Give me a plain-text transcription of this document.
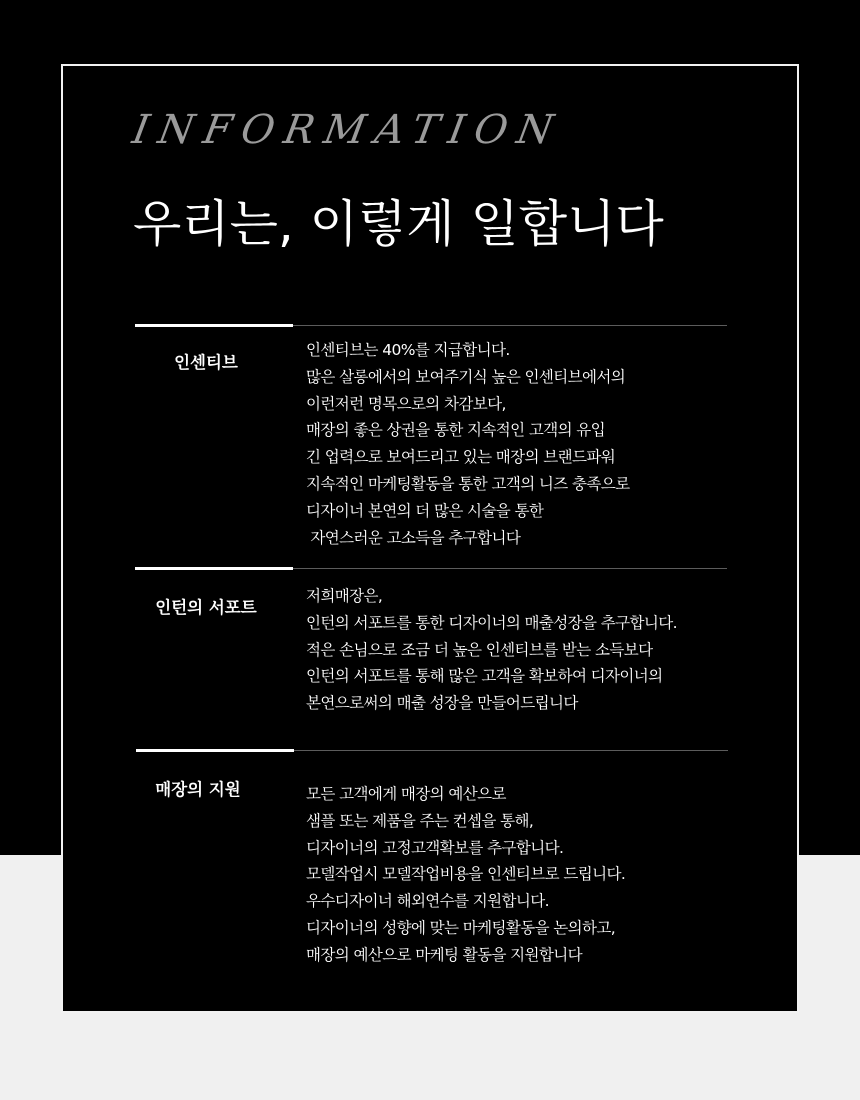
INFORMATION
우리는, 이렇게 일합니다
인센티브
인센티브는 40%를 지급합니다.
많은 살롱에서의 보여주기식 높은 인센티브에서의
이런저런 명목으로의 차감보다,
매장의 좋은 상권을 통한 지속적인 고객의 유입
긴 업력으로 보여드리고 있는 매장의 브랜드파워
지속적인 마케팅활동을 통한 고객의 니즈 충족으로
디자이너 본연의 더 많은 시술을 통한
자연스러운 고소득을 추구합니다
인턴의 서포트
저희매장은,
인턴의 서포트를 통한 디자이너의 매출성장을 추구합니다.
적은 손님으로 조금 더 높은 인센티브를 받는 소득보다
인턴의 서포트를 통해 많은 고객을 확보하여 디자이너의
본연으로써의 매출 성장을 만들어드립니다
매장의 지원	모든 고객에게 매장의 예산으로
샘플 또는 제품을 주는 컨셉을 통해,
디자이너의 고정고객확보를 추구합니다.
모델작업시 모델작업비용을 인센티브로 드립니다.
우수디자이너 해외연수를 지원합니다.
디자이너의 성향에 맞는 마케팅활동을 논의하고,
매장의 예산으로 마케팅 활동을 지원합니다
